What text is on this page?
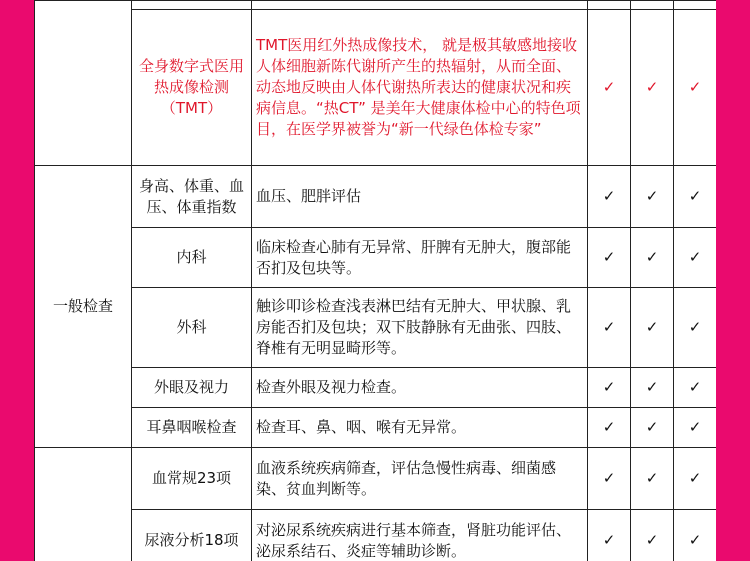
	全身数字式医用热成像检测（TMT）	TMT医用红外热成像技术， 就是极其敏感地接收人体细胞新陈代谢所产生的热辐射，从而全面、动态地反映由人体代谢热所表达的健康状况和疾病信息。“热CT” 是美年大健康体检中心的特色项目，在医学界被誉为“新一代绿色体检专家”	✓	✓	✓
一般检查	身高、体重、血压、体重指数	血压、肥胖评估	✓	✓	✓
	内科	临床检查心肺有无异常、肝脾有无肿大，腹部能否扪及包块等。	✓	✓	✓
	外科	触诊叩诊检查浅表淋巴结有无肿大、甲状腺、乳房能否扪及包块；双下肢静脉有无曲张、四肢、脊椎有无明显畸形等。	✓	✓	✓
	外眼及视力	检查外眼及视力检查。	✓	✓	✓
	耳鼻咽喉检查	检查耳、鼻、咽、喉有无异常。	✓	✓	✓
	血常规23项	血液系统疾病筛查，评估急慢性病毒、细菌感染、贫血判断等。	✓	✓	✓
	尿液分析18项	对泌尿系统疾病进行基本筛查，肾脏功能评估、泌尿系结石、炎症等辅助诊断。	✓	✓	✓
